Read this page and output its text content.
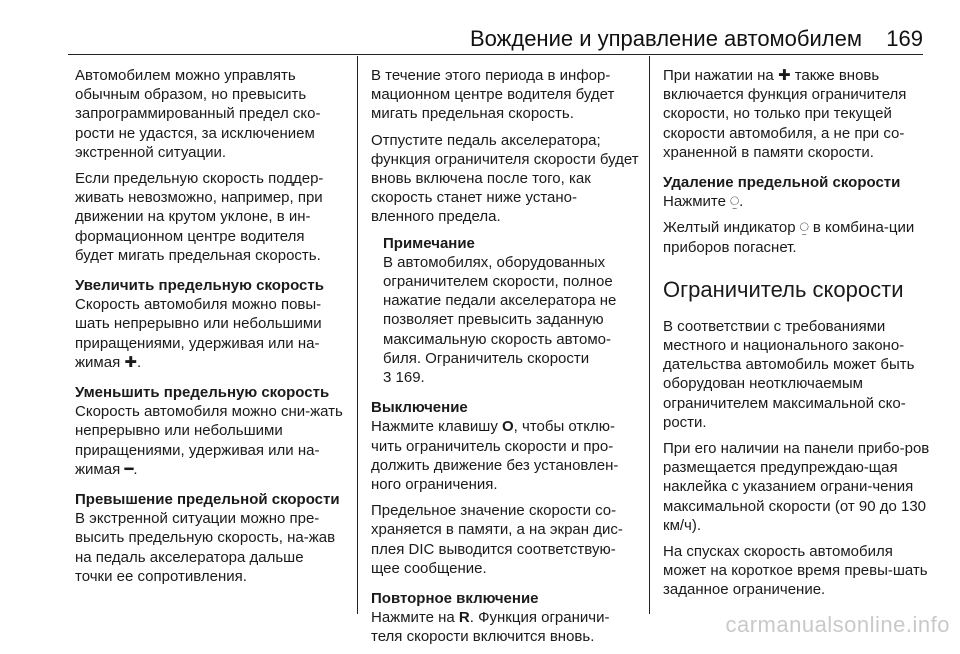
Вождение и управление автомобилем 169

Автомобилем можно управлять обычным образом, но превысить запрограммированный предел ско-рости не удастся, за исключением экстренной ситуации.

Если предельную скорость поддер-живать невозможно, например, при движении на крутом уклоне, в ин-формационном центре водителя будет мигать предельная скорость.

Увеличить предельную скорость

Скорость автомобиля можно повы-шать непрерывно или небольшими приращениями, удерживая или на-жимая ✚.

Уменьшить предельную скорость

Скорость автомобиля можно сни-жать непрерывно или небольшими приращениями, удерживая или на-жимая ━.

Превышение предельной скорости

В экстренной ситуации можно пре-высить предельную скорость, на-жав на педаль акселератора дальше точки ее сопротивления.

В течение этого периода в инфор-мационном центре водителя будет мигать предельная скорость.

Отпустите педаль акселератора; функция ограничителя скорости будет вновь включена после того, как скорость станет ниже устано-вленного предела.

Примечание
В автомобилях, оборудованных ограничителем скорости, полное нажатие педали акселератора не позволяет превысить заданную максимальную скорость автомо-биля. Ограничитель скорости
3 169.
Выключение

Нажмите клавишу O, чтобы отклю-чить ограничитель скорости и про-должить движение без установлен-ного ограничения.

Предельное значение скорости со-храняется в памяти, а на экран дис-плея DIC выводится соответствую-щее сообщение.

Повторное включение

Нажмите на R. Функция ограничи-теля скорости включится вновь.

При нажатии на ✚ также вновь включается функция ограничителя скорости, но только при текущей скорости автомобиля, а не при со-храненной в памяти скорости.

Удаление предельной скорости

Нажмите ⍜.

Желтый индикатор ⍜ в комбина-ции приборов погаснет.

Ограничитель скорости

В соответствии с требованиями местного и национального законо-дательства автомобиль может быть оборудован неотключаемым ограничителем максимальной ско-рости.

При его наличии на панели прибо-ров размещается предупреждаю-щая наклейка с указанием ограни-чения максимальной скорости (от 90 до 130 км/ч).

На спусках скорость автомобиля может на короткое время превы-шать заданное ограничение.

carmanualsonline.info
